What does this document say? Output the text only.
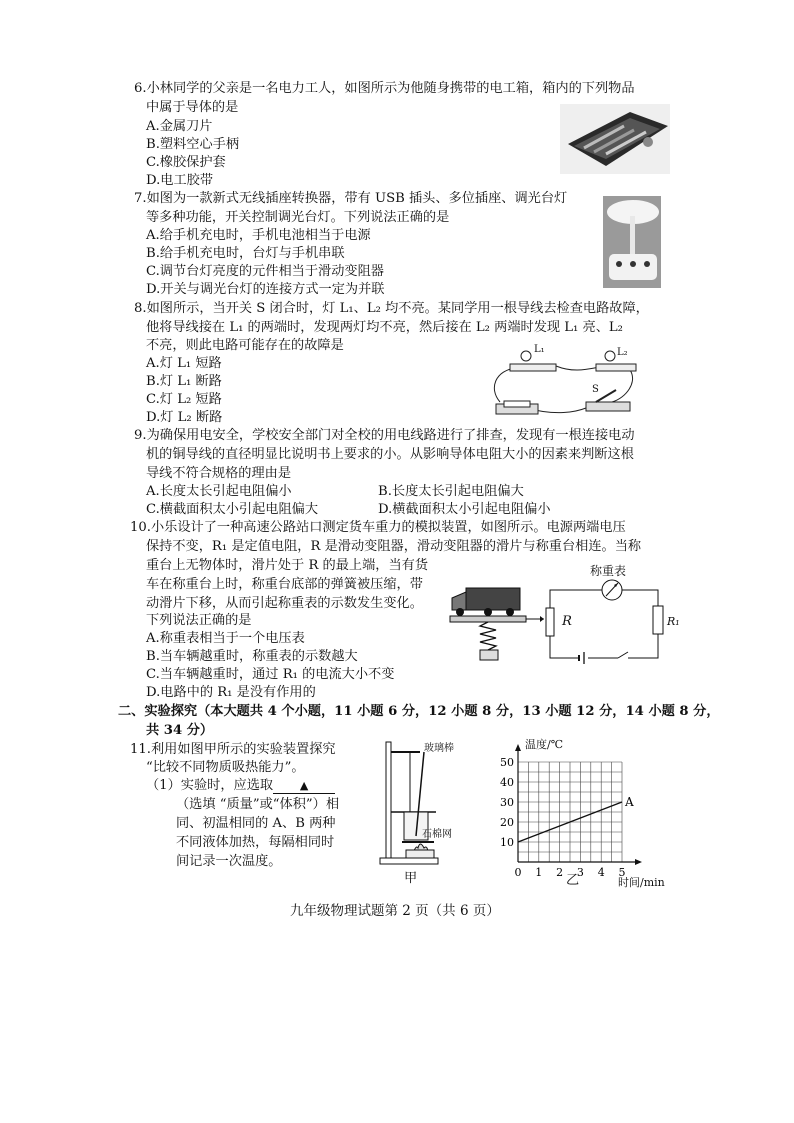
6.小林同学的父亲是一名电力工人，如图所示为他随身携带的电工箱，箱内的下列物品
中属于导体的是
A.金属刀片
B.塑料空心手柄
C.橡胶保护套
D.电工胶带
7.如图为一款新式无线插座转换器，带有 USB 插头、多位插座、调光台灯
等多种功能，开关控制调光台灯。下列说法正确的是
A.给手机充电时，手机电池相当于电源
B.给手机充电时，台灯与手机串联
C.调节台灯亮度的元件相当于滑动变阻器
D.开关与调光台灯的连接方式一定为并联
8.如图所示，当开关 S 闭合时，灯 L₁、L₂ 均不亮。某同学用一根导线去检查电路故障，
他将导线接在 L₁ 的两端时，发现两灯均不亮，然后接在 L₂ 两端时发现 L₁ 亮、L₂
不亮，则此电路可能存在的故障是
A.灯 L₁ 短路
B.灯 L₁ 断路
C.灯 L₂ 短路
D.灯 L₂ 断路
L₁	L₂
S
9.为确保用电安全，学校安全部门对全校的用电线路进行了排查，发现有一根连接电动
机的铜导线的直径明显比说明书上要求的小。从影响导体电阻大小的因素来判断这根
导线不符合规格的理由是
A.长度太长引起电阻偏小	B.长度太长引起电阻偏大
C.横截面积太小引起电阻偏大	D.横截面积太小引起电阻偏小
10.小乐设计了一种高速公路站口测定货车重力的模拟装置，如图所示。电源两端电压
保持不变，R₁ 是定值电阻，R 是滑动变阻器，滑动变阻器的滑片与称重台相连。当称
重台上无物体时，滑片处于 R 的最上端，当有货
车在称重台上时，称重台底部的弹簧被压缩，带
动滑片下移，从而引起称重表的示数发生变化。
下列说法正确的是
A.称重表相当于一个电压表
B.当车辆越重时，称重表的示数越大
C.当车辆越重时，通过 R₁ 的电流大小不变
D.电路中的 R₁ 是没有作用的
称重表
R	R₁
二、实验探究（本大题共 4 个小题，11 小题 6 分，12 小题 8 分，13 小题 12 分，14 小题 8 分，
共 34 分）
11.利用如图甲所示的实验装置探究
“比较不同物质吸热能力”。
（1）实验时，应选取 ▲
（选填 “质量”或“体积”）相
同、初温相同的 A、B 两种
不同液体加热，每隔相同时
间记录一次温度。
玻璃棒
石棉网
甲	0 1 2 3 4 5
10
20
30
40
50
A
温度/℃
时间/min
乙
九年级物理试题第 2 页（共 6 页）
